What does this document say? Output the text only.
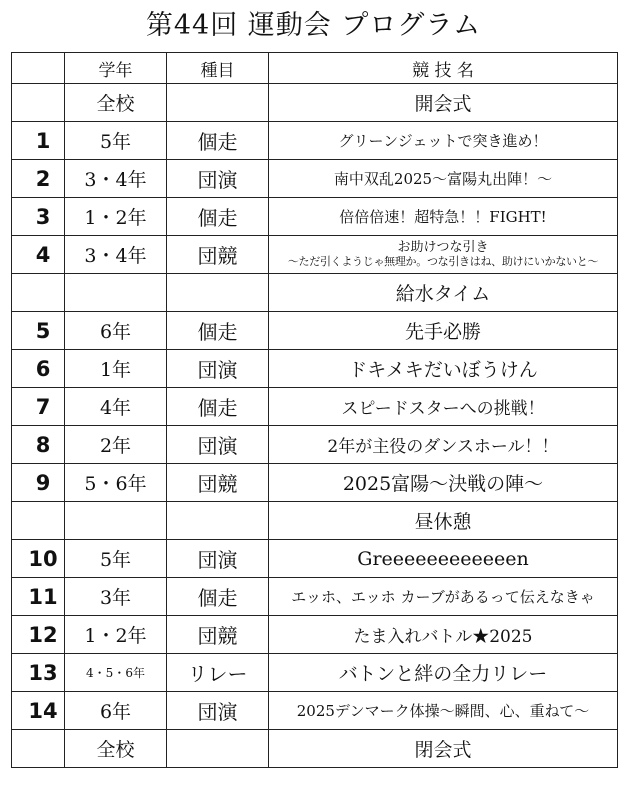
第44回 運動会 プログラム
	学年	種目	競 技 名
	全校		開会式
1	5年	個走	グリーンジェットで突き進め！
2	3・4年	団演	南中双乱2025～富陽丸出陣！～
3	1・2年	個走	倍倍倍速！超特急！！FIGHT!
4	3・4年	団競	お助けつな引き
～ただ引くようじゃ無理か。つな引きはね、助けにいかないと～

			給水タイム
5	6年	個走	先手必勝
6	1年	団演	ドキメキだいぼうけん
7	4年	個走	スピードスターへの挑戦！
8	2年	団演	2年が主役のダンスホール！！
9	5・6年	団競	2025富陽～決戦の陣～
			昼休憩
10	5年	団演	Greeeeeeeeeeeen
11	3年	個走	エッホ、エッホ カーブがあるって伝えなきゃ
12	1・2年	団競	たま入れバトル★2025
13	4・5・6年	リレー	バトンと絆の全力リレー
14	6年	団演	2025デンマーク体操～瞬間、心、重ねて～
	全校		閉会式
